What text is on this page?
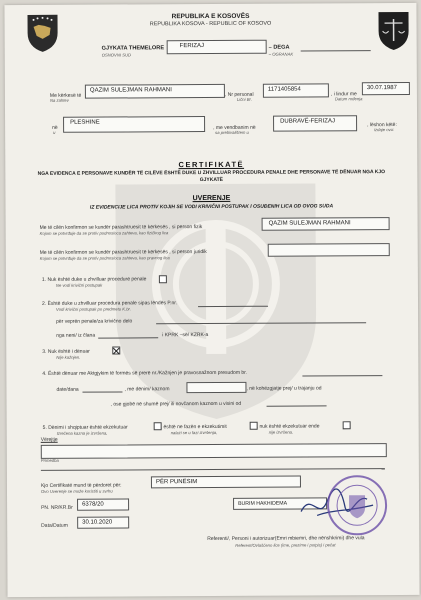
REPUBLIKA E KOSOVËS
REPUBLIKA KOSOVA - REPUBLIC OF KOSOVO
GJYKATA THEMELORE
OSNOVNI SUD
FERIZAJ	– DEGA
– OGRANAK
Me kërkesë të
Na zahtev
QAZIM SULEJMAN RAHMANI
, Nr personal
Lični Br.
1171405854
, i lindur me
Datum rođenja
30.07.1987
në
u
PLESHINE
, me vendbanim në
sa prebivalištem u
DUBRAVË-FERIZAJ
, lëshon këtë:
izdaje ovu:
CERTIFIKATË
NGA EVIDENCA E PERSONAVE KUNDËR TË CILËVE ËSHTË DUKE U ZHVILLUAR PROCEDURA PENALE DHE PERSONAVE TË DËNUAR NGA KJO GJYKATË
UVERENJE
IZ EVIDENCIJE LICA PROTIV KOJIH SE VODI KRIVIČNI POSTUPAK I OSUĐENIH LICA OD OVOG SUDA
Me të cilën konfirmon se kundër parashtruesit të kërkesës , si person fizik
Kojom se potvrđuje da se protiv podnosioca zahteva, kao fizičkog lica
QAZIM SULEJMAN RAHMANI
Me të cilën konfirmon se kundër parashtruesit të kërkesës , si person juridik
Kojom se potvrđuje da se protiv podnosioca zahteva, kao pravnog lica
1. Nuk është duke u zhvilluar procedurë penale
Ne vodi krivični postupak
2. Është duke u zhvilluar procedura penale sipas lëndës P.nr.
Vodi krivični postupak po predmetu K.br.
për veprën penale/za krivično delo
nga neni/ iz člana	i KPRK –së/ KZRK-a
3. Nuk është i dënuar
Nije kažnjen.
4. Është dënuar me Aktgjykim të formës së prerë nr./Kažnjen je pravosnažnom presudom br.
date/dana	, me dënim/ kaznom	, në kohëzgjatje prej/ u trajanju od
, ose gjobë në shumë prej/ ili novčanom kaznom u visini od
5. Dënimi i shqiptuar është ekzekutuar
Izrečena kazna je izvršena,
, është ne fazën e ekzekutimit
nalazi se u fazi izvršenja,
, nuk është ekzekutuar ende
nije izvršena.
Vërejtje
Primedba
Kjo Certifikatë mund të përdoret për:
Ovo Uverenje se može koristiti u svrhu
PËR PUNËSIM
PN. NR/KR.Br
6378/20
Data/Datum
30.10.2020
BURIM HAKHIDEMA
Referenti/, Personi i autorizuar(Emri mbiemri, dhe nënshkrimi) dhe vula
Referent/Ovlašćeno lice (ime, prezime i potpis) i pečat
